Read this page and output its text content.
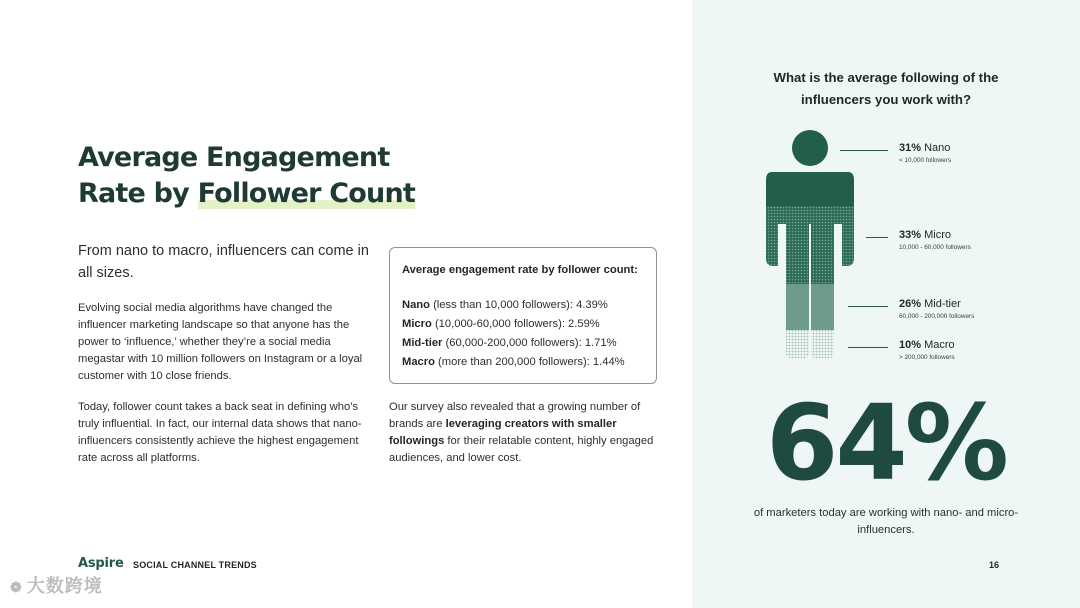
Average Engagement
Rate by Follower Count

From nano to macro, influencers can come in all sizes.

Evolving social media algorithms have changed the influencer marketing landscape so that anyone has the power to ‘influence,’ whether they’re a social media megastar with 10 million followers on Instagram or a loyal customer with 10 close friends.

Today, follower count takes a back seat in defining who’s truly influential. In fact, our internal data shows that nano-influencers consistently achieve the highest engagement rate across all platforms.

Average engagement rate by follower count:
Nano (less than 10,000 followers): 4.39%
Micro (10,000-60,000 followers): 2.59%
Mid-tier (60,000-200,000 followers): 1.71%
Macro (more than 200,000 followers): 1.44%

Our survey also revealed that a growing number of brands are leveraging creators with smaller followings for their relatable content, highly engaged audiences, and lower cost.

Aspire SOCIAL CHANNEL TRENDS
❁ 大数跨境
What is the average following of the influencers you work with?
31% Nano
< 10,000 followers
33% Micro
10,000 - 60,000 followers
26% Mid-tier
60,000 - 200,000 followers
10% Macro
> 200,000 followers
64%
of marketers today are working with nano- and micro-influencers.
16
